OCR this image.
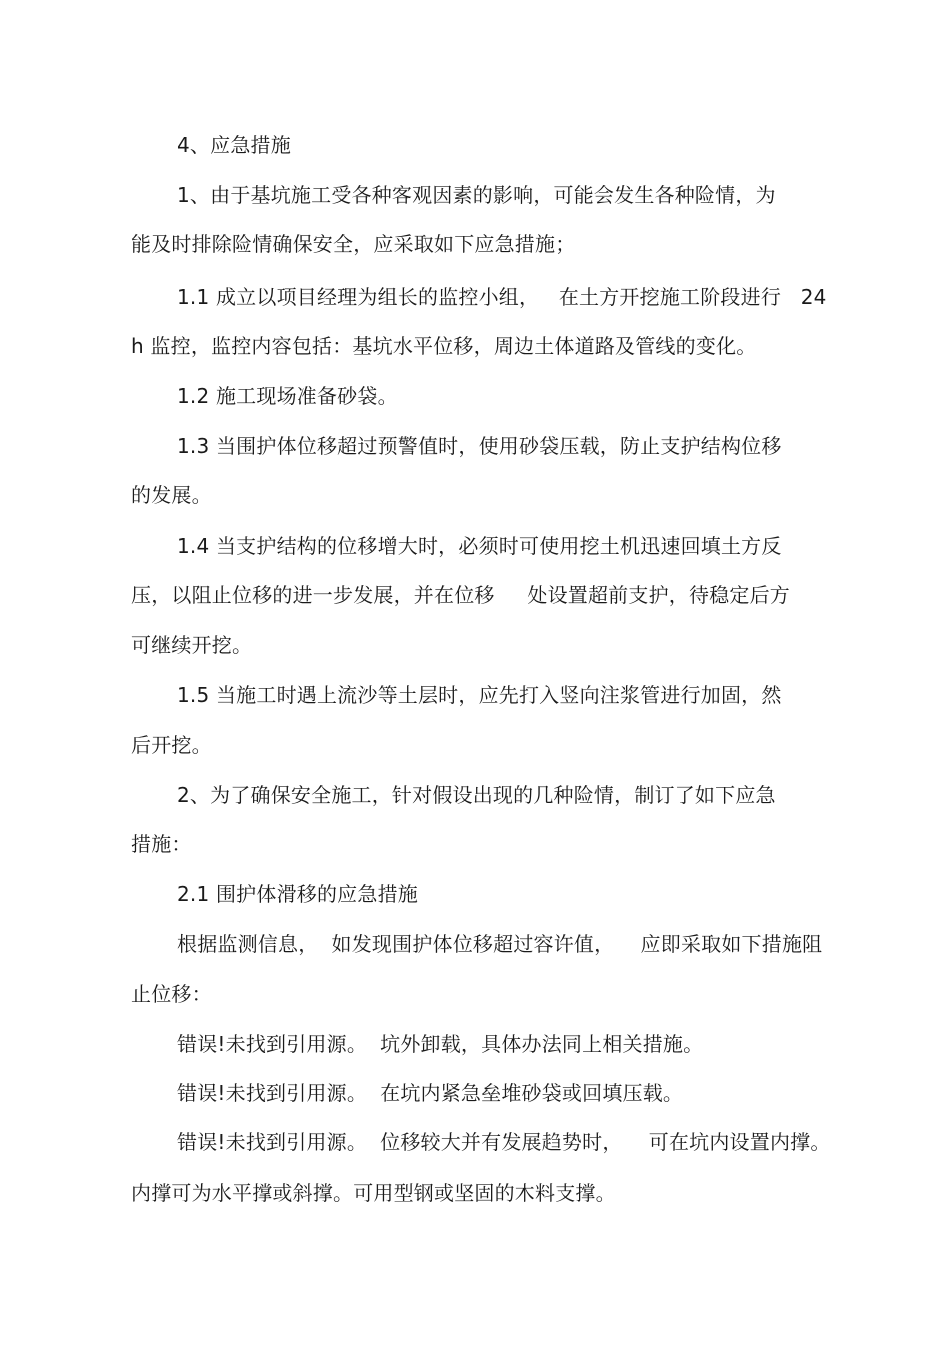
4、应急措施
1、由于基坑施工受各种客观因素的影响，可能会发生各种险情，为
能及时排除险情确保安全，应采取如下应急措施；
1.1 成立以项目经理为组长的监控小组，   在土方开挖施工阶段进行   24
h 监控，监控内容包括：基坑水平位移，周边土体道路及管线的变化。
1.2 施工现场准备砂袋。
1.3 当围护体位移超过预警值时，使用砂袋压载，防止支护结构位移
的发展。
1.4 当支护结构的位移增大时，必须时可使用挖土机迅速回填土方反
压，以阻止位移的进一步发展，并在位移     处设置超前支护，待稳定后方
可继续开挖。
1.5 当施工时遇上流沙等土层时，应先打入竖向注浆管进行加固，然
后开挖。
2、为了确保安全施工，针对假设出现的几种险情，制订了如下应急
措施：
2.1 围护体滑移的应急措施
根据监测信息，  如发现围护体位移超过容许值，    应即采取如下措施阻
止位移：
错误!未找到引用源。  坑外卸载，具体办法同上相关措施。
错误!未找到引用源。  在坑内紧急垒堆砂袋或回填压载。
错误!未找到引用源。  位移较大并有发展趋势时，    可在坑内设置内撑。
内撑可为水平撑或斜撑。可用型钢或坚固的木料支撑。
